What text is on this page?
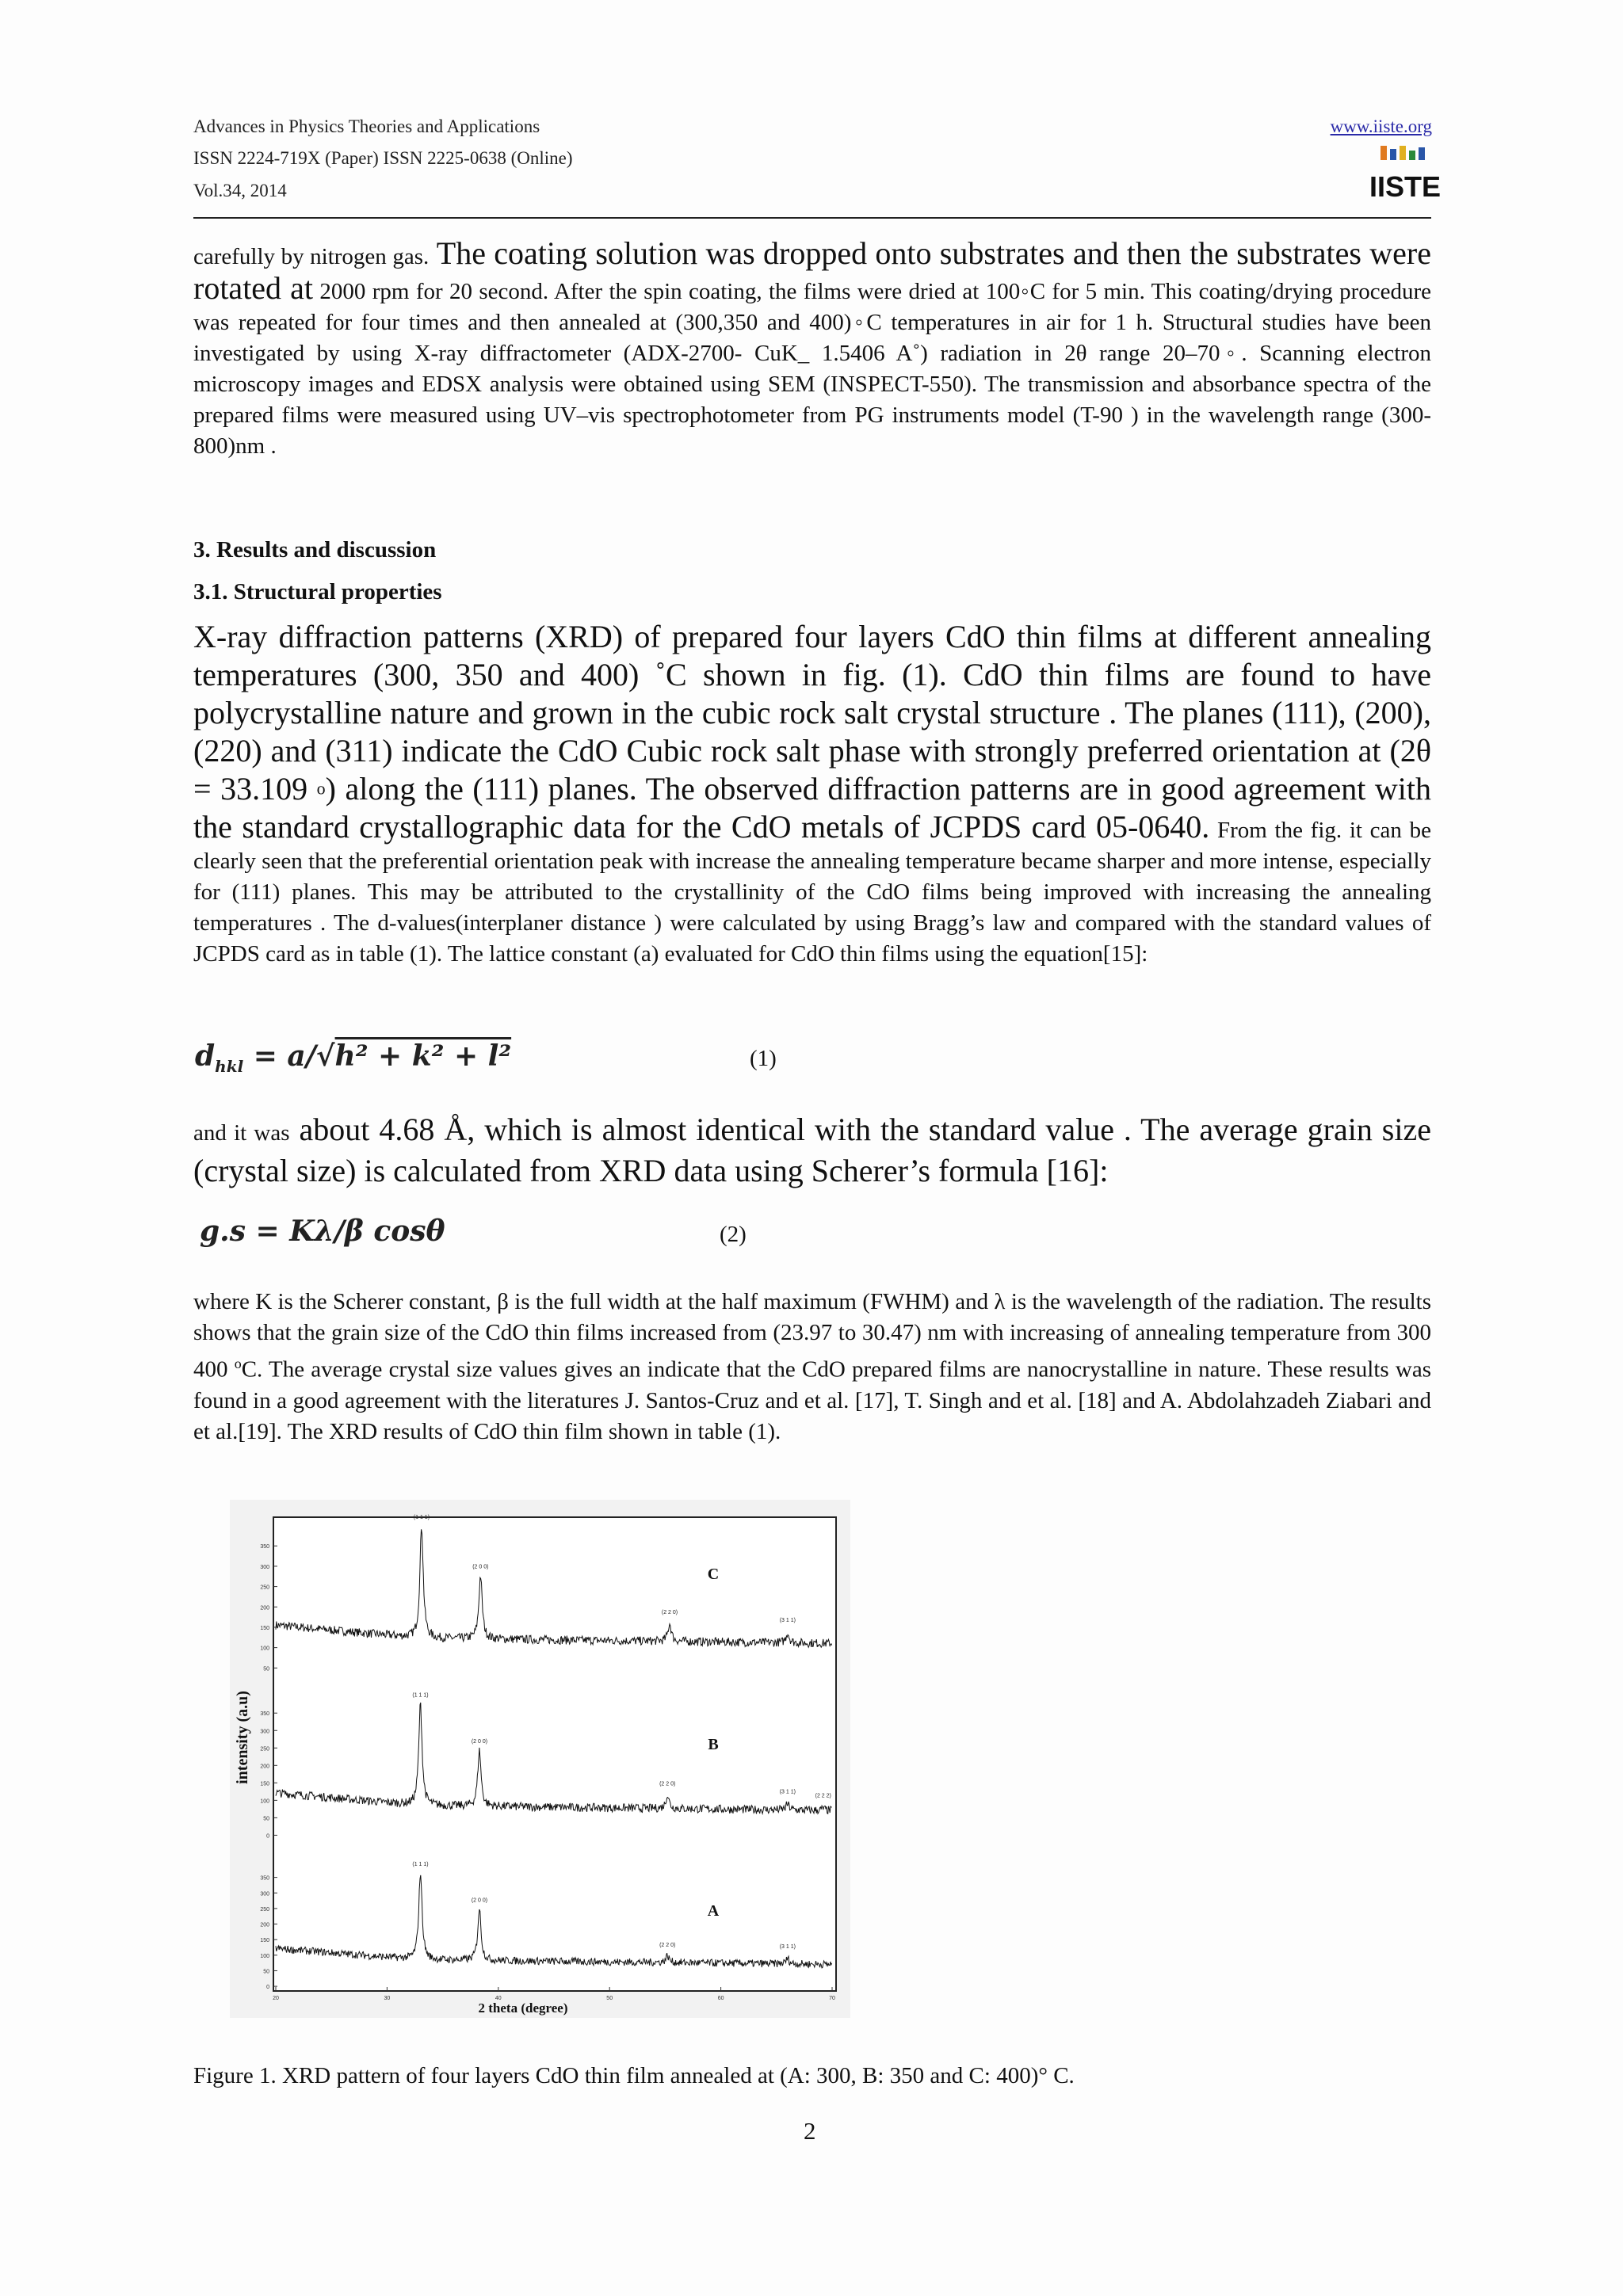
Advances in Physics Theories and Applications
ISSN 2224-719X (Paper) ISSN 2225-0638 (Online)
Vol.34, 2014
www.iiste.org
IISTE
carefully by nitrogen gas. The coating solution was dropped onto substrates and then the substrates were rotated at 2000 rpm for 20 second. After the spin coating, the films were dried at 100◦C for 5 min. This coating/drying procedure was repeated for four times and then annealed at (300,350 and 400)◦C temperatures in air for 1 h. Structural studies have been investigated by using X-ray diffractometer (ADX-2700- CuK_ 1.5406 A˚) radiation in 2θ range 20–70◦. Scanning electron microscopy images and EDSX analysis were obtained using SEM (INSPECT-550). The transmission and absorbance spectra of the prepared films were measured using UV–vis spectrophotometer from PG instruments model (T-90 ) in the wavelength range (300-800)nm .
3. Results and discussion
3.1. Structural properties
X-ray diffraction patterns (XRD) of prepared four layers CdO thin films at different annealing temperatures (300, 350 and 400) ˚C shown in fig. (1). CdO thin films are found to have polycrystalline nature and grown in the cubic rock salt crystal structure . The planes (111), (200), (220) and (311) indicate the CdO Cubic rock salt phase with strongly preferred orientation at (2θ = 33.109 $^o$) along the (111) planes. The observed diffraction patterns are in good agreement with the standard crystallographic data for the CdO metals of JCPDS card 05-0640. From the fig. it can be clearly seen that the preferential orientation peak with increase the annealing temperature became sharper and more intense, especially for (111) planes. This may be attributed to the crystallinity of the CdO films being improved with increasing the annealing temperatures . The d-values(interplaner distance ) were calculated by using Bragg’s law and compared with the standard values of JCPDS card as in table (1). The lattice constant (a) evaluated for CdO thin films using the equation[15]:
$d_{hkl} = a/√h^2 + k^2 + l^2$	(1)
and it was about 4.68 Å, which is almost identical with the standard value . The average grain size (crystal size) is calculated from XRD data using Scherer’s formula [16]:
g.s = Kλ/β cosθ	(2)
where K is the Scherer constant, β is the full width at the half maximum (FWHM) and λ is the wavelength of the radiation. The results shows that the grain size of the CdO thin films increased from (23.97 to 30.47) nm with increasing of annealing temperature from 300 400 $^o$C. The average crystal size values gives an indicate that the CdO prepared films are nanocrystalline in nature. These results was found in a good agreement with the literatures J. Santos-Cruz and et al. [17], T. Singh and et al. [18] and A. Abdolahzadeh Ziabari and et al.[19]. The XRD results of CdO thin film shown in table (1).
50
100
150
200
250
300
350
(1 1 1)
(2 0 0)
(2 2 0)
(3 1 1)
C
0
50
100
150
200
250
300
350
(1 1 1)
(2 0 0)
(2 2 0)
(3 1 1)
(2 2 2)
B
0
50
100
150
200
250
300
350
(1 1 1)
(2 0 0)
(2 2 0)	(3 1 1)
A
20	30	40	50	60	70
2 theta (degree)
intensity (a.u)
Figure 1. XRD pattern of four layers CdO thin film annealed at (A: 300, B: 350 and C: 400)° C.
2
